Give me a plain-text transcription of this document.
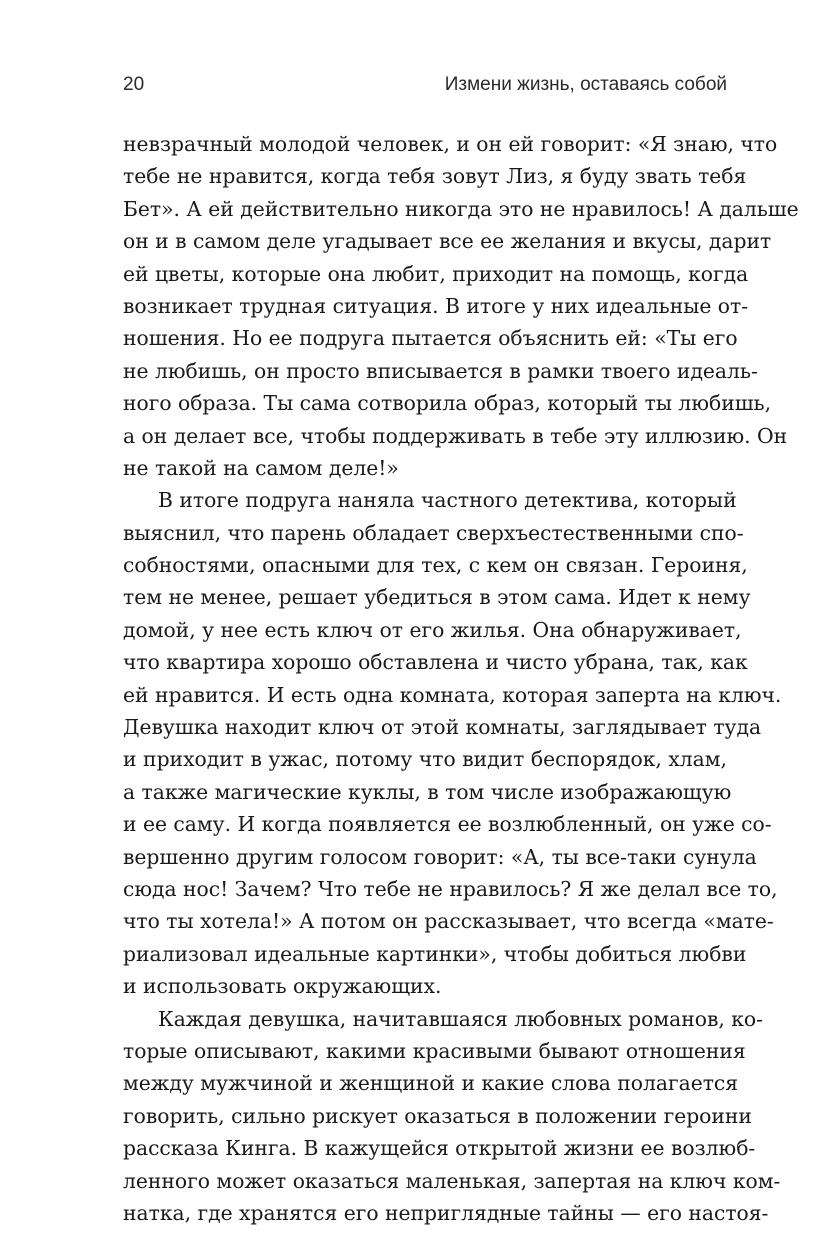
20	Измени жизнь, оставаясь собой
невзрачный молодой человек, и он ей говорит: «Я знаю, что
тебе не нравится, когда тебя зовут Лиз, я буду звать тебя
Бет». А ей действительно никогда это не нравилось! А дальше
он и в самом деле угадывает все ее желания и вкусы, дарит
ей цветы, которые она любит, приходит на помощь, когда
возникает трудная ситуация. В итоге у них идеальные от-
ношения. Но ее подруга пытается объяснить ей: «Ты его
не любишь, он просто вписывается в рамки твоего идеаль-
ного образа. Ты сама сотворила образ, который ты любишь,
а он делает все, чтобы поддерживать в тебе эту иллюзию. Он
не такой на самом деле!»
В итоге подруга наняла частного детектива, который
выяснил, что парень обладает сверхъестественными спо-
собностями, опасными для тех, с кем он связан. Героиня,
тем не менее, решает убедиться в этом сама. Идет к нему
домой, у нее есть ключ от его жилья. Она обнаруживает,
что квартира хорошо обставлена и чисто убрана, так, как
ей нравится. И есть одна комната, которая заперта на ключ.
Девушка находит ключ от этой комнаты, заглядывает туда
и приходит в ужас, потому что видит беспорядок, хлам,
а также магические куклы, в том числе изображающую
и ее саму. И когда появляется ее возлюбленный, он уже со-
вершенно другим голосом говорит: «А, ты все-таки сунула
сюда нос! Зачем? Что тебе не нравилось? Я же делал все то,
что ты хотела!» А потом он рассказывает, что всегда «мате-
риализовал идеальные картинки», чтобы добиться любви
и использовать окружающих.
Каждая девушка, начитавшаяся любовных романов, ко-
торые описывают, какими красивыми бывают отношения
между мужчиной и женщиной и какие слова полагается
говорить, сильно рискует оказаться в положении героини
рассказа Кинга. В кажущейся открытой жизни ее возлюб-
ленного может оказаться маленькая, запертая на ключ ком-
натка, где хранятся его неприглядные тайны — его настоя-
